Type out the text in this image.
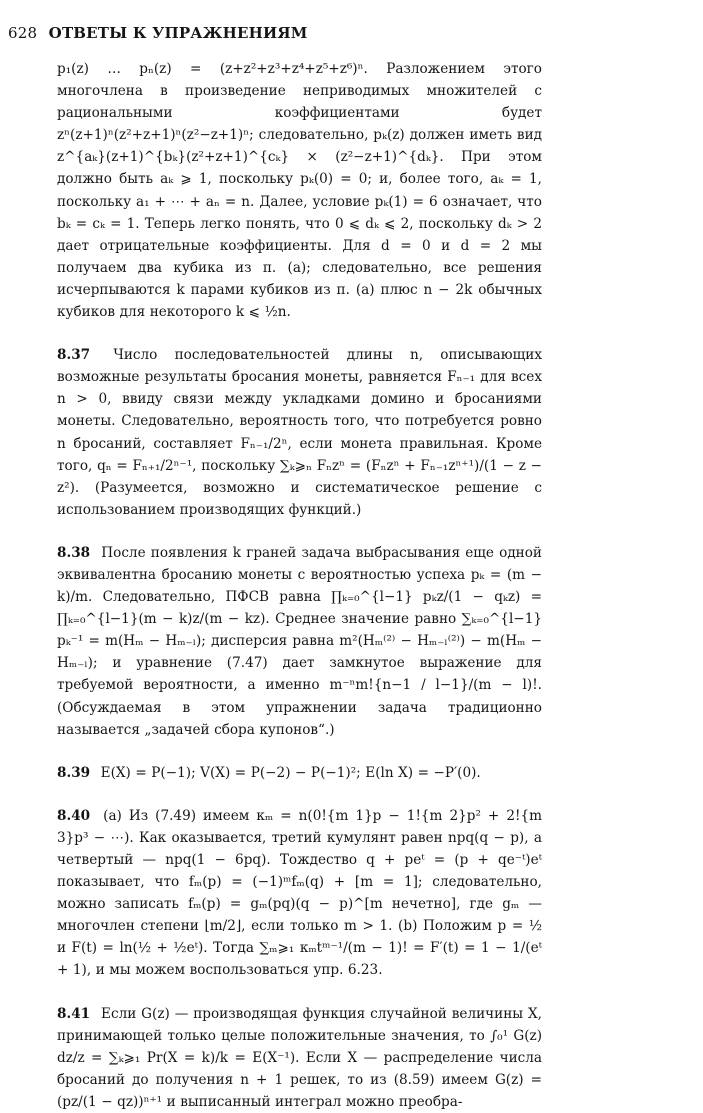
628 ОТВЕТЫ К УПРАЖНЕНИЯМ
p₁(z) … pₙ(z) = (z+z²+z³+z⁴+z⁵+z⁶)ⁿ. Разложением этого многочлена в произведение неприводимых множителей с рациональными коэффициентами будет zⁿ(z+1)ⁿ(z²+z+1)ⁿ(z²−z+1)ⁿ; следовательно, pₖ(z) должен иметь вид z^{aₖ}(z+1)^{bₖ}(z²+z+1)^{cₖ} × (z²−z+1)^{dₖ}. При этом должно быть aₖ ⩾ 1, поскольку pₖ(0) = 0; и, более того, aₖ = 1, поскольку a₁ + ⋯ + aₙ = n. Далее, условие pₖ(1) = 6 означает, что bₖ = cₖ = 1. Теперь легко понять, что 0 ⩽ dₖ ⩽ 2, поскольку dₖ > 2 дает отрицательные коэффициенты. Для d = 0 и d = 2 мы получаем два кубика из п. (a); следовательно, все решения исчерпываются k парами кубиков из п. (a) плюс n − 2k обычных кубиков для некоторого k ⩽ ½n.
8.37 Число последовательностей длины n, описывающих возможные результаты бросания монеты, равняется Fₙ₋₁ для всех n > 0, ввиду связи между укладками домино и бросаниями монеты. Следовательно, вероятность того, что потребуется ровно n бросаний, составляет Fₙ₋₁/2ⁿ, если монета правильная. Кроме того, qₙ = Fₙ₊₁/2ⁿ⁻¹, поскольку ∑ₖ⩾ₙ Fₙzⁿ = (Fₙzⁿ + Fₙ₋₁zⁿ⁺¹)/(1 − z − z²). (Разумеется, возможно и систематическое решение с использованием производящих функций.)
8.38 После появления k граней задача выбрасывания еще одной эквивалентна бросанию монеты с вероятностью успеха pₖ = (m − k)/m. Следовательно, ПФСВ равна ∏ₖ₌₀^{l−1} pₖz/(1 − qₖz) = ∏ₖ₌₀^{l−1}(m − k)z/(m − kz). Среднее значение равно ∑ₖ₌₀^{l−1} pₖ⁻¹ = m(Hₘ − Hₘ₋ₗ); дисперсия равна m²(Hₘ⁽²⁾ − Hₘ₋ₗ⁽²⁾) − m(Hₘ − Hₘ₋ₗ); и уравнение (7.47) дает замкнутое выражение для требуемой вероятности, а именно m⁻ⁿm!{n−1 / l−1}/(m − l)!. (Обсуждаемая в этом упражнении задача традиционно называется „задачей сбора купонов“.)
8.39 E(X) = P(−1); V(X) = P(−2) − P(−1)²; E(ln X) = −P′(0).
8.40 (a) Из (7.49) имеем κₘ = n(0!{m 1}p − 1!{m 2}p² + 2!{m 3}p³ − ⋯). Как оказывается, третий кумулянт равен npq(q − p), а четвертый — npq(1 − 6pq). Тождество q + peᵗ = (p + qe⁻ᵗ)eᵗ показывает, что fₘ(p) = (−1)ᵐfₘ(q) + [m = 1]; следовательно, можно записать fₘ(p) = gₘ(pq)(q − p)^[m нечетно], где gₘ — многочлен степени ⌊m/2⌋, если только m > 1. (b) Положим p = ½ и F(t) = ln(½ + ½eᵗ). Тогда ∑ₘ⩾₁ κₘtᵐ⁻¹/(m − 1)! = F′(t) = 1 − 1/(eᵗ + 1), и мы можем воспользоваться упр. 6.23.
8.41 Если G(z) — производящая функция случайной величины X, принимающей только целые положительные значения, то ∫₀¹ G(z) dz/z = ∑ₖ⩾₁ Pr(X = k)/k = E(X⁻¹). Если X — распределение числа бросаний до получения n + 1 решек, то из (8.59) имеем G(z) = (pz/(1 − qz))ⁿ⁺¹ и выписанный интеграл можно преобра-
